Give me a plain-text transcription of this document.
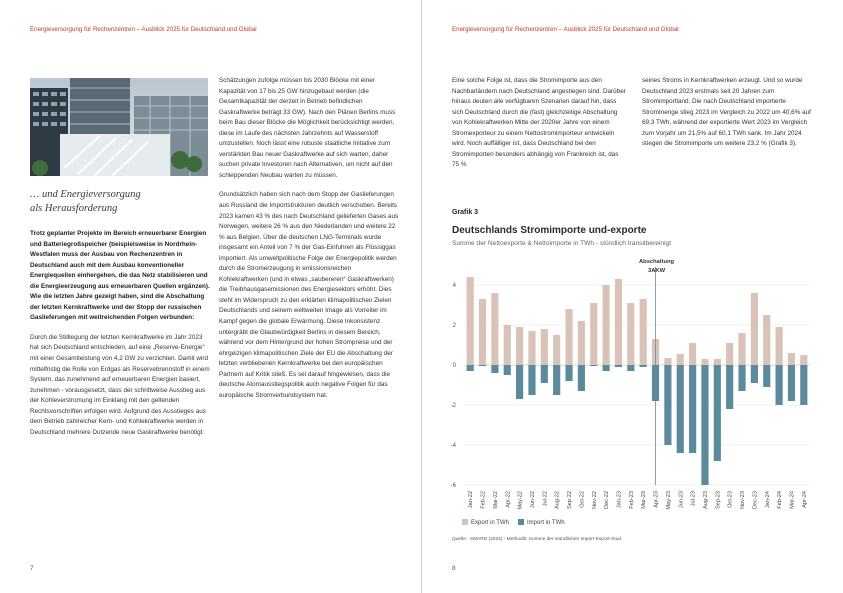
Energieversorgung für Rechenzentren – Ausblick 2025 für Deutschland und Global
… und Energieversorgung
als Herausforderung

Trotz geplanter Projekte im Bereich erneuerbarer Energien und Batteriegroßspeicher (beispielsweise in Nordrhein-Westfalen muss der Ausbau von Rechenzentren in Deutschland auch mit dem Ausbau konventioneller Energiequellen einhergehen, die das Netz stabilisieren und die Energieerzeugung aus erneuerbaren Quellen ergänzen). Wie die letzten Jahre gezeigt haben, sind die Abschaltung der letzten Kernkraftwerke und der Stopp der russischen Gaslieferungen mit weitreichenden Folgen verbunden:

Durch die Stilllegung der letzten Kernkraftwerke im Jahr 2023 hat sich Deutschland entschieden, auf eine „Reserve-Energie“ mit einer Gesamtleistung von 4,2 GW zu verzichten. Damit wird mittelfristig die Rolle von Erdgas als Reservebrennstoff in einem System, das zunehmend auf erneuerbaren Energien basiert, zunehmen - vorausgesetzt, dass der schrittweise Ausstieg aus der Kohleverstromung im Einklang mit den geltenden Rechtsvorschriften erfolgen wird. Aufgrund des Ausstieges aus dem Betrieb zahlreicher Kern- und Kohlekraftwerke werden in Deutschland mehrere Dutzende neue Gaskraftwerke benötigt:

Schätzungen zufolge müssen bis 2030 Blöcke mit einer Kapazität von 17 bis 25 GW hinzugebaut werden (die Gesamtkapazität der derzeit in Betrieb befindlichen Gaskraftwerke beträgt 33 GW). Nach den Plänen Berlins muss beim Bau dieser Blöcke die Möglichkeit berücksichtigt werden, diese im Laufe des nächsten Jahrzehnts auf Wasserstoff umzustellen. Noch lässt eine robuste staatliche Initiative zum verstärkten Bau neuer Gaskraftwerke auf sich warten, daher suchen private Investoren nach Alternativen, um nicht auf den schleppenden Neubau warten zu müssen.

Grundsätzlich haben sich nach dem Stopp der Gaslieferungen aus Russland die Importstrukturen deutlich verschoben. Bereits 2023 kamen 43 % des nach Deutschland gelieferten Gases aus Norwegen, weitere 26 % aus den Niederlanden und weitere 22 % aus Belgien. Über die deutschen LNG-Terminals wurde insgesamt ein Anteil von 7 % der Gas-Einfuhren als Flüssiggas importiert. Als umweltpolitische Folge der Energiepolitik werden durch die Stromerzeugung in emissionsreichen Kohlekraftwerken (und in etwas „saubereren“ Gaskraftwerken) die Treibhausgasemissionen des Energiesektors erhöht. Dies steht im Widerspruch zu den erklärten klimapolitischen Zielen Deutschlands und seinem weltweiten Image als Vorreiter im Kampf gegen die globale Erwärmung. Diese Inkonsistenz untergräbt die Glaubwürdigkeit Berlins in diesem Bereich, während vor dem Hintergrund der hohen Strompreise und der ehrgeizigen klimapolitischen Ziele der EU die Abschaltung der letzten verbliebenen Kernkraftwerke bei den europäischen Partnern auf Kritik stieß. Es sei darauf hingewiesen, dass die deutsche Atomausstiegspolitik auch negative Folgen für das europäische Stromverbundsystem hat.

7
Energieversorgung für Rechenzentren – Ausblick 2025 für Deutschland und Global

Eine solche Folge ist, dass die Stromimporte aus den Nachbarländern nach Deutschland angestiegen sind. Darüber hinaus deuten alle verfügbaren Szenarien darauf hin, dass sich Deutschland durch die (fast) gleichzeitige Abschaltung von Kohlekraftwerken Mitte der 2020er Jahre von einem Stromexporteur zu einem Nettostromimporteur entwickeln wird. Noch auffälliger ist, dass Deutschland bei den Stromimporten besonders abhängig von Frankreich ist, das 75 %

seines Stroms in Kernkraftwerken erzeugt. Und so wurde Deutschland 2023 erstmals seit 20 Jahren zum Stromimportland. Die nach Deutschland importierte Strommenge stieg 2023 im Vergleich zu 2022 um 40,6% auf 69,3 TWh, während der exportierte Wert 2023 im Vergleich zum Vorjahr um 21,5% auf 60,1 TWh sank. Im Jahr 2024 stiegen die Stromimporte um weitere 23,2 % (Grafik 3).

Grafik 3
Deutschlands Stromimporte und-exporte
Summe der Nettoexporte & Nettoimporte in TWh - stündlich transitbereinigt
4
2
0
-2
-4
-6
Jan-22 Feb-22 Mar-22 Apr-22 May-22 Jun-22 Jul-22 Aug-22 Sep-22 Oct-22 Nov-22 Dec-22 Jan-23 Feb-23 Mar-23 Apr-23 May-23 Jun-23 Jul-23 Aug-23 Sep-23 Oct-23 Nov-23 Dec-23 Jan-24 Feb-24 Mar-24 Apr-24
Abschaltung
3AKW
Export in TWh	Import in TWh
Quelle : SMARD (2024) - Methodik: Summe der stündlichen Import-Export-Stud
8
